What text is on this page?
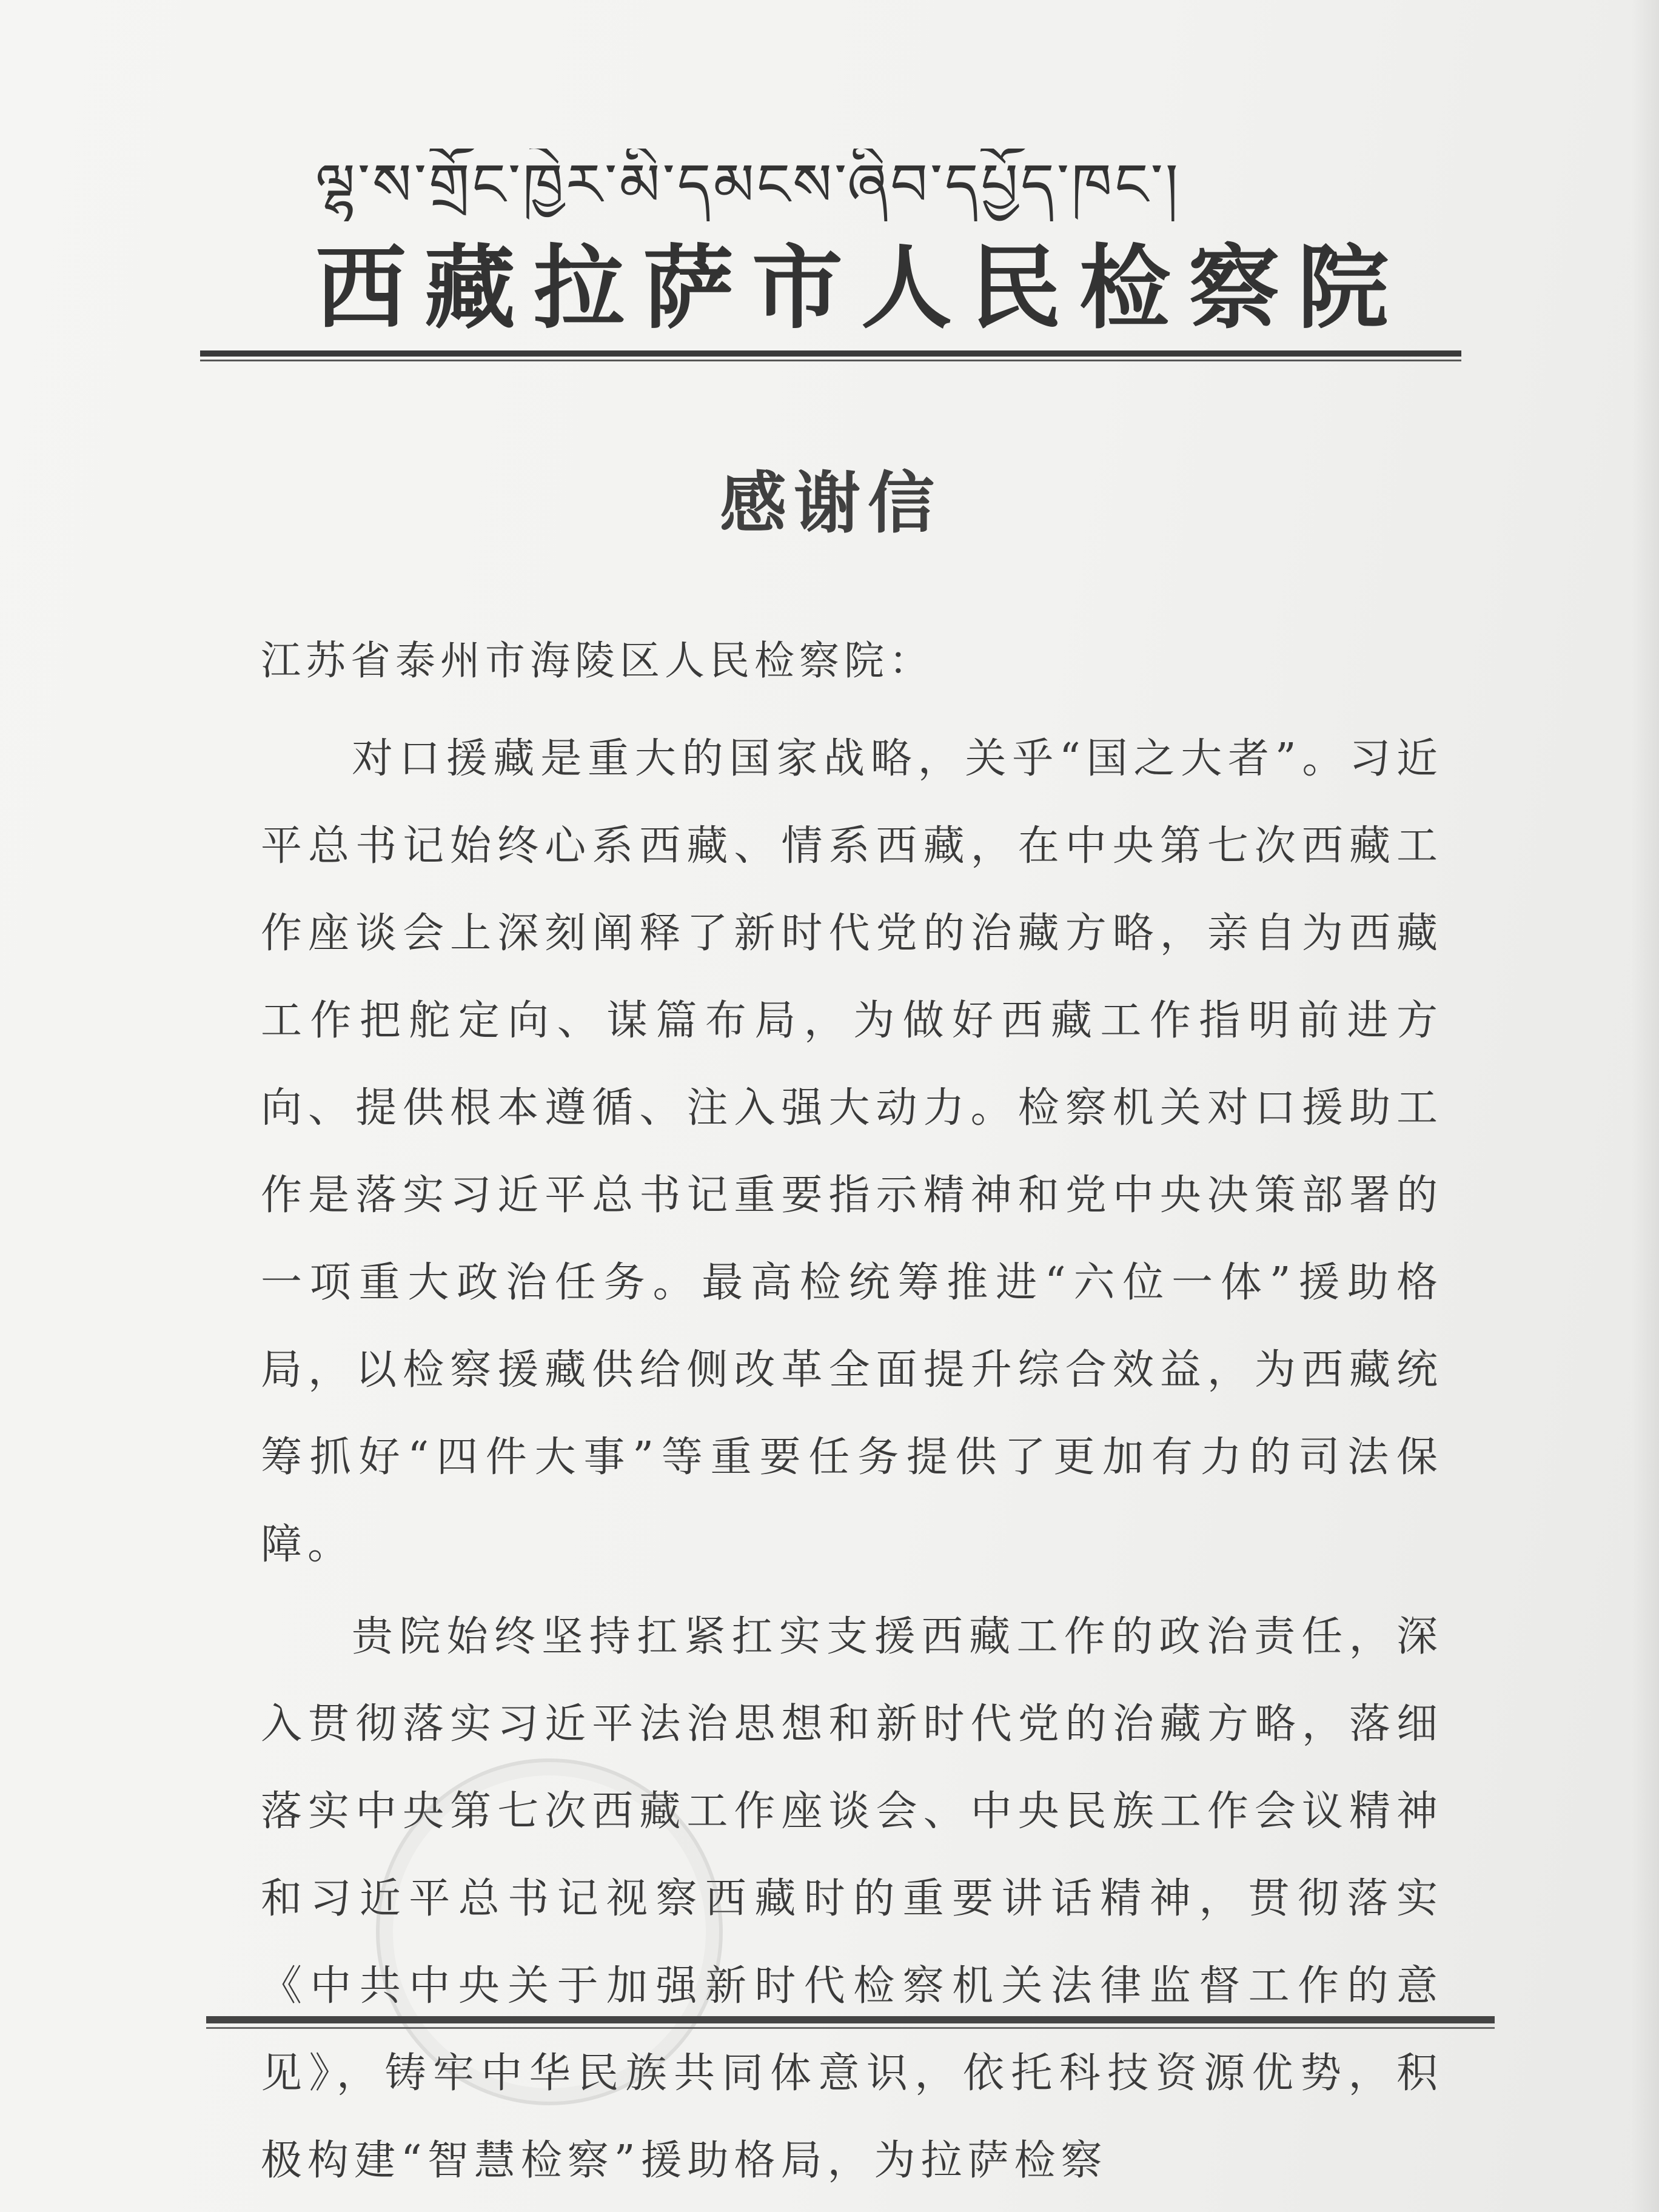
ལྷ་ས་གྲོང་ཁྱེར་མི་དམངས་ཞིབ་དཔྱོད་ཁང་།
西藏拉萨市人民检察院
感谢信
江苏省泰州市海陵区人民检察院：

对口援藏是重大的国家战略，关乎“国之大者”。习近平总书记始终心系西藏、情系西藏，在中央第七次西藏工作座谈会上深刻阐释了新时代党的治藏方略，亲自为西藏工作把舵定向、谋篇布局，为做好西藏工作指明前进方向、提供根本遵循、注入强大动力。检察机关对口援助工作是落实习近平总书记重要指示精神和党中央决策部署的一项重大政治任务。最高检统筹推进“六位一体”援助格局，以检察援藏供给侧改革全面提升综合效益，为西藏统筹抓好“四件大事”等重要任务提供了更加有力的司法保障。

贵院始终坚持扛紧扛实支援西藏工作的政治责任，深入贯彻落实习近平法治思想和新时代党的治藏方略，落细落实中央第七次西藏工作座谈会、中央民族工作会议精神和习近平总书记视察西藏时的重要讲话精神，贯彻落实《中共中央关于加强新时代检察机关法律监督工作的意见》，铸牢中华民族共同体意识，依托科技资源优势，积极构建“智慧检察”援助格局，为拉萨检察
